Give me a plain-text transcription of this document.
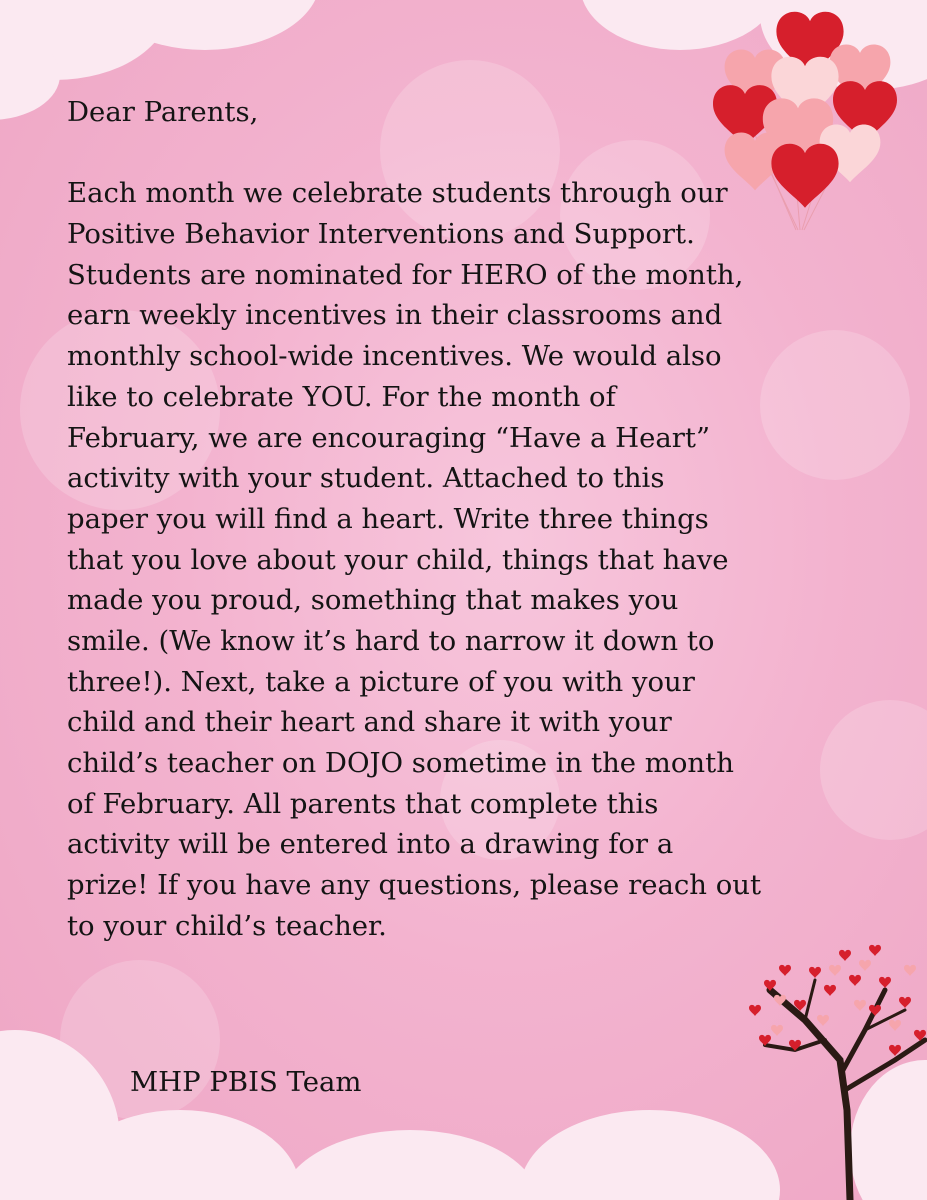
Dear Parents,
Each month we celebrate students through our
Positive Behavior Interventions and Support.
Students are nominated for HERO of the month,
earn weekly incentives in their classrooms and
monthly school-wide incentives. We would also
like to celebrate YOU. For the month of
February, we are encouraging “Have a Heart”
activity with your student. Attached to this
paper you will find a heart. Write three things
that you love about your child, things that have
made you proud, something that makes you
smile. (We know it’s hard to narrow it down to
three!). Next, take a picture of you with your
child and their heart and share it with your
child’s teacher on DOJO sometime in the month
of February. All parents that complete this
activity will be entered into a drawing for a
prize! If you have any questions, please reach out
to your child’s teacher.
MHP PBIS Team
